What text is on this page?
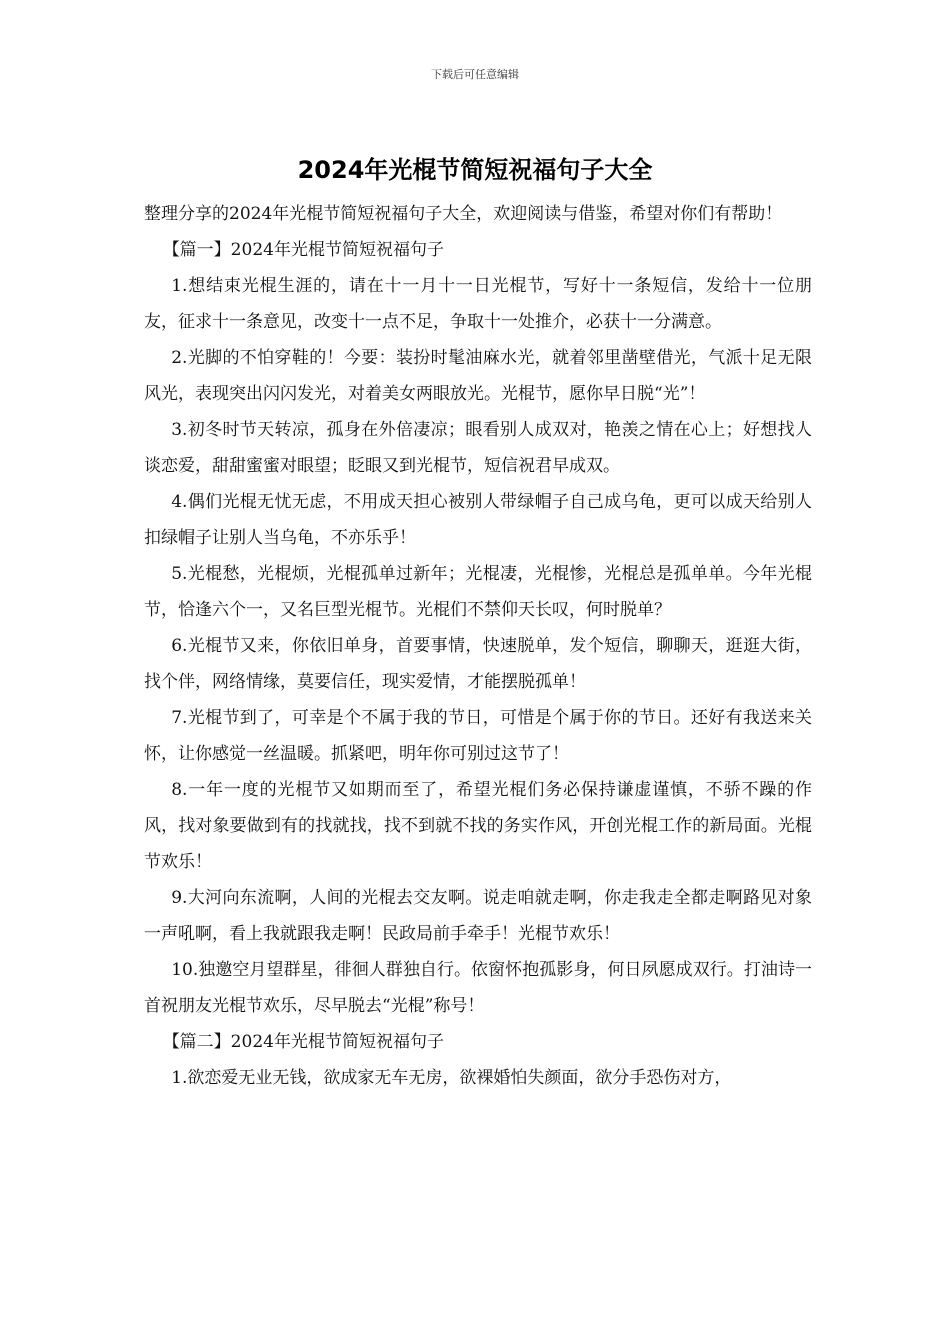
下载后可任意编辑
2024年光棍节简短祝福句子大全

整理分享的2024年光棍节简短祝福句子大全，欢迎阅读与借鉴，希望对你们有帮助！

【篇一】2024年光棍节简短祝福句子

1.想结束光棍生涯的，请在十一月十一日光棍节，写好十一条短信，发给十一位朋友，征求十一条意见，改变十一点不足，争取十一处推介，必获十一分满意。

2.光脚的不怕穿鞋的！今要：装扮时髦油麻水光，就着邻里凿壁借光，气派十足无限风光，表现突出闪闪发光，对着美女两眼放光。光棍节，愿你早日脱“光”！

3.初冬时节天转凉，孤身在外倍凄凉；眼看别人成双对，艳羡之情在心上；好想找人谈恋爱，甜甜蜜蜜对眼望；眨眼又到光棍节，短信祝君早成双。

4.偶们光棍无忧无虑，不用成天担心被别人带绿帽子自己成乌龟，更可以成天给别人扣绿帽子让别人当乌龟，不亦乐乎！

5.光棍愁，光棍烦，光棍孤单过新年；光棍凄，光棍惨，光棍总是孤单单。今年光棍节，恰逢六个一，又名巨型光棍节。光棍们不禁仰天长叹，何时脱单？

6.光棍节又来，你依旧单身，首要事情，快速脱单，发个短信，聊聊天，逛逛大街，找个伴，网络情缘，莫要信任，现实爱情，才能摆脱孤单！

7.光棍节到了，可幸是个不属于我的节日，可惜是个属于你的节日。还好有我送来关怀，让你感觉一丝温暖。抓紧吧，明年你可别过这节了！

8.一年一度的光棍节又如期而至了，希望光棍们务必保持谦虚谨慎，不骄不躁的作风，找对象要做到有的找就找，找不到就不找的务实作风，开创光棍工作的新局面。光棍节欢乐！

9.大河向东流啊，人间的光棍去交友啊。说走咱就走啊，你走我走全都走啊路见对象一声吼啊，看上我就跟我走啊！民政局前手牵手！光棍节欢乐！

10.独邀空月望群星，徘徊人群独自行。依窗怀抱孤影身，何日夙愿成双行。打油诗一首祝朋友光棍节欢乐，尽早脱去“光棍”称号！

【篇二】2024年光棍节简短祝福句子

1.欲恋爱无业无钱，欲成家无车无房，欲裸婚怕失颜面，欲分手恐伤对方，
